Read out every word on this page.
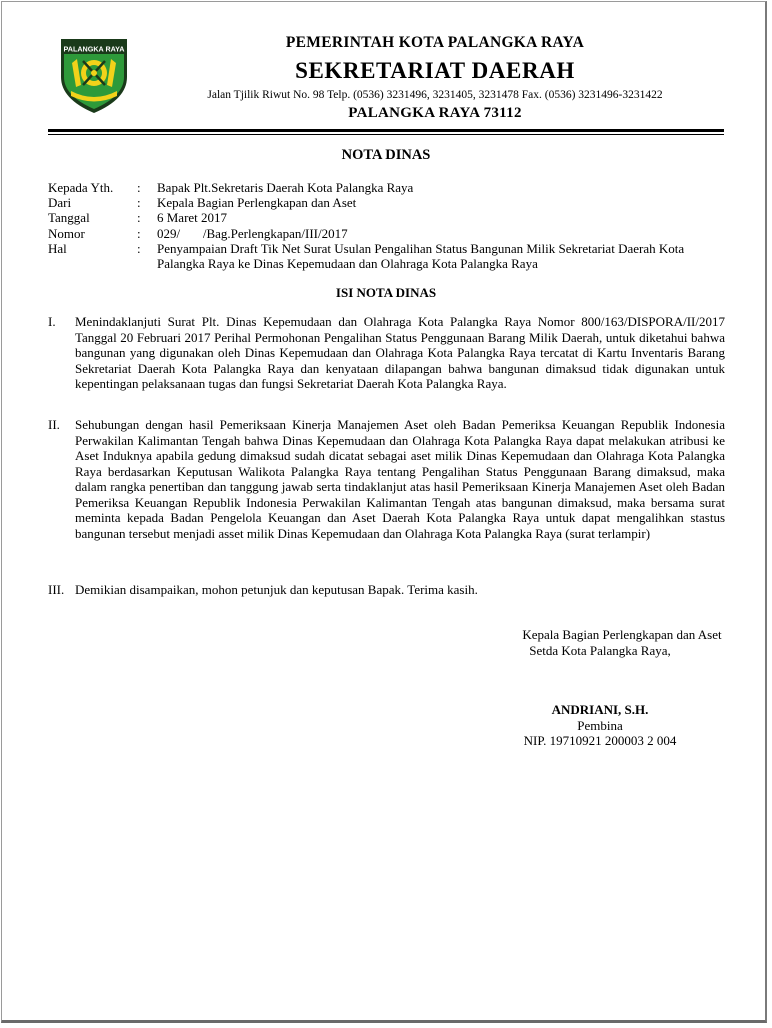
PALANGKA RAYA	PEMERINTAH KOTA PALANGKA RAYA
SEKRETARIAT DAERAH
Jalan Tjilik Riwut No. 98 Telp. (0536) 3231496, 3231405, 3231478 Fax. (0536) 3231496-3231422
PALANGKA RAYA 73112
NOTA DINAS
Kepada Yth.	:	Bapak Plt.Sekretaris Daerah Kota Palangka Raya
Dari	:	Kepala Bagian Perlengkapan dan Aset
Tanggal	:	6 Maret 2017
Nomor	:	029/       /Bag.Perlengkapan/III/2017
Hal	:	Penyampaian Draft Tik Net Surat Usulan Pengalihan Status Bangunan Milik Sekretariat Daerah Kota Palangka Raya ke Dinas Kepemudaan dan Olahraga Kota Palangka Raya
ISI NOTA DINAS
I.	Menindaklanjuti Surat Plt. Dinas Kepemudaan dan Olahraga Kota Palangka Raya Nomor 800/163/DISPORA/II/2017 Tanggal 20 Februari 2017 Perihal Permohonan Pengalihan Status Penggunaan Barang Milik Daerah, untuk diketahui bahwa bangunan yang digunakan oleh Dinas Kepemudaan dan Olahraga Kota Palangka Raya tercatat di Kartu Inventaris Barang Sekretariat Daerah Kota Palangka Raya dan kenyataan dilapangan bahwa bangunan dimaksud tidak digunakan untuk kepentingan pelaksanaan tugas dan fungsi Sekretariat Daerah Kota Palangka Raya.
II.	Sehubungan dengan hasil Pemeriksaan Kinerja Manajemen Aset oleh Badan Pemeriksa Keuangan Republik Indonesia Perwakilan Kalimantan Tengah bahwa Dinas Kepemudaan dan Olahraga Kota Palangka Raya dapat melakukan atribusi ke Aset Induknya apabila gedung dimaksud sudah dicatat sebagai aset milik Dinas Kepemudaan dan Olahraga Kota Palangka Raya berdasarkan Keputusan Walikota Palangka Raya tentang Pengalihan Status Penggunaan Barang dimaksud, maka dalam rangka penertiban dan tanggung jawab serta tindaklanjut atas hasil Pemeriksaan Kinerja Manajemen Aset oleh Badan Pemeriksa Keuangan Republik Indonesia Perwakilan Kalimantan Tengah atas bangunan dimaksud, maka bersama surat meminta kepada Badan Pengelola Keuangan dan Aset Daerah Kota Palangka Raya untuk dapat mengalihkan stastus bangunan tersebut menjadi asset milik Dinas Kepemudaan dan Olahraga Kota Palangka Raya (surat terlampir)
III. Demikian disampaikan, mohon petunjuk dan keputusan Bapak. Terima kasih.
Kepala Bagian Perlengkapan dan Aset
Setda Kota Palangka Raya,
ANDRIANI, S.H.
Pembina
NIP. 19710921 200003 2 004
